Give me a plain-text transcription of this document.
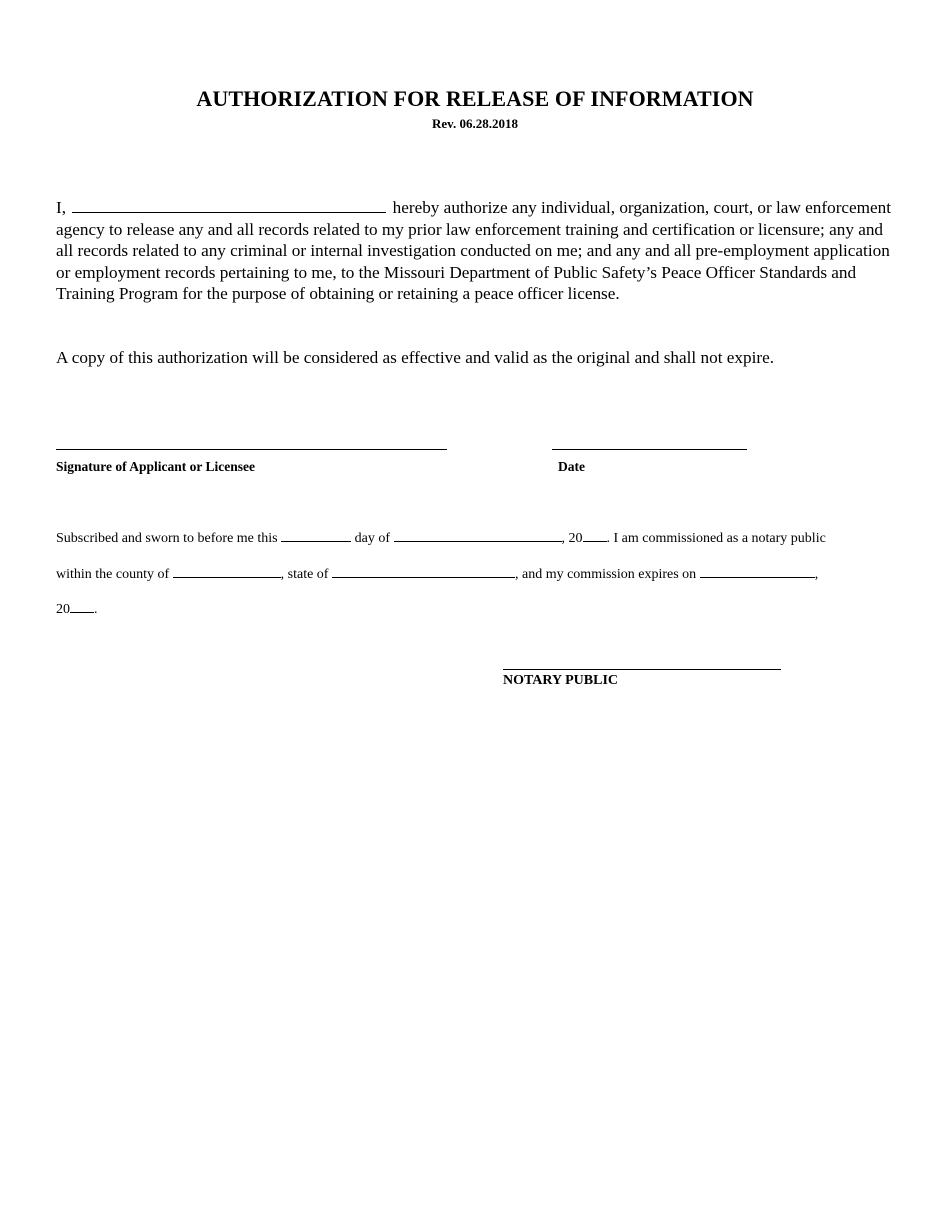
AUTHORIZATION FOR RELEASE OF INFORMATION
Rev. 06.28.2018
I,	hereby authorize any individual, organization, court, or law enforcement agency to release any and all records related to my prior law enforcement training and certification or licensure; any and all records related to any criminal or internal investigation conducted on me; and any and all pre-employment application or employment records pertaining to me, to the Missouri Department of Public Safety’s Peace Officer Standards and Training Program for the purpose of obtaining or retaining a peace officer license.
A copy of this authorization will be considered as effective and valid as the original and shall not expire.
Signature of Applicant or Licensee	Date
Subscribed and sworn to before me this	day of	, 20 . I am commissioned as a notary public
within the county of	, state of	, and my commission expires on	,
20 .
NOTARY PUBLIC
